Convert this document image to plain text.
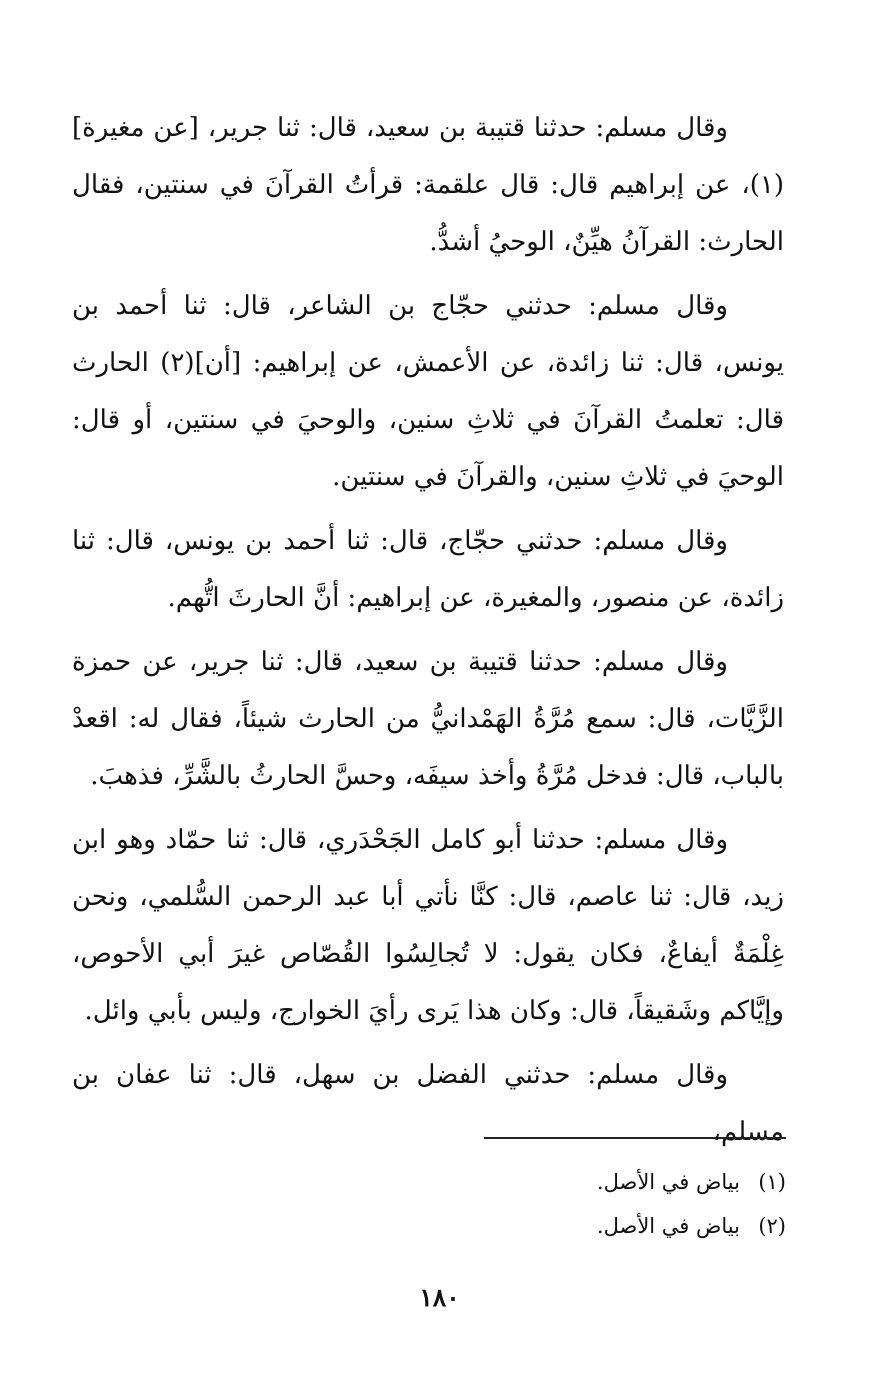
وقال مسلم: حدثنا قتيبة بن سعيد، قال: ثنا جرير، [عن مغيرة](١)، عن إبراهيم قال: قال علقمة: قرأتُ القرآنَ في سنتين، فقال الحارث: القرآنُ هيِّنٌ، الوحيُ أشدُّ.

وقال مسلم: حدثني حجّاج بن الشاعر، قال: ثنا أحمد بن يونس، قال: ثنا زائدة، عن الأعمش، عن إبراهيم: [أن](٢) الحارث قال: تعلمتُ القرآنَ في ثلاثِ سنين، والوحيَ في سنتين، أو قال: الوحيَ في ثلاثِ سنين، والقرآنَ في سنتين.

وقال مسلم: حدثني حجّاج، قال: ثنا أحمد بن يونس، قال: ثنا زائدة، عن منصور، والمغيرة، عن إبراهيم: أنَّ الحارثَ اتُّهم.

وقال مسلم: حدثنا قتيبة بن سعيد، قال: ثنا جرير، عن حمزة الزَّيَّات، قال: سمع مُرَّةُ الهَمْدانيُّ من الحارث شيئاً، فقال له: اقعدْ بالباب، قال: فدخل مُرَّةُ وأخذ سيفَه، وحسَّ الحارثُ بالشَّرِّ، فذهبَ.

وقال مسلم: حدثنا أبو كامل الجَحْدَري، قال: ثنا حمّاد وهو ابن زيد، قال: ثنا عاصم، قال: كنَّا نأتي أبا عبد الرحمن السُّلمي، ونحن غِلْمَةٌ أيفاعٌ، فكان يقول: لا تُجالِسُوا القُصّاص غيرَ أبي الأحوص، وإيَّاكم وشَقيقاً، قال: وكان هذا يَرى رأيَ الخوارج، وليس بأبي وائل.

وقال مسلم: حدثني الفضل بن سهل، قال: ثنا عفان بن مسلم،

(١)بياض في الأصل.
(٢)بياض في الأصل.
١٨٠
